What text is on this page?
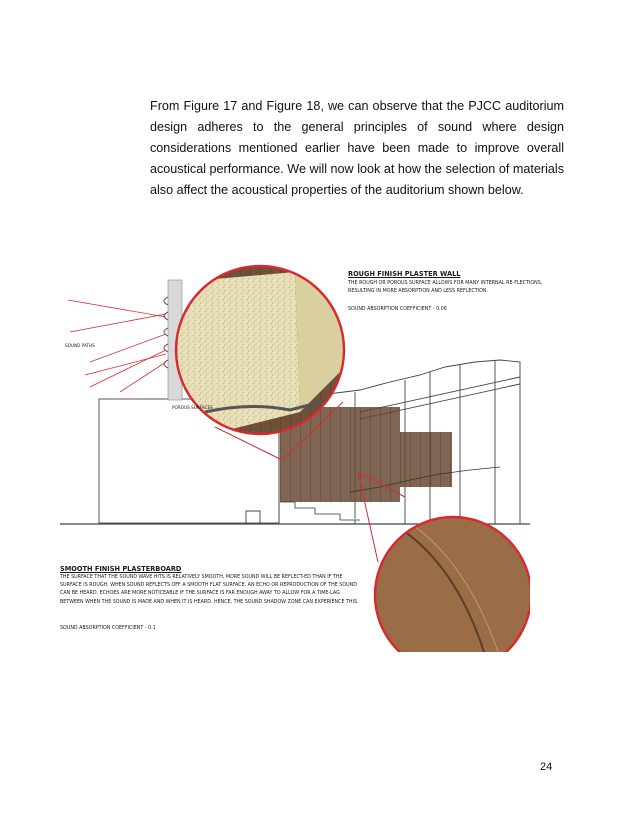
From Figure 17 and Figure 18, we can observe that the PJCC auditorium design adheres to the general principles of sound where design considerations mentioned earlier have been made to improve overall acoustical performance. We will now look at how the selection of materials also affect the acoustical properties of the auditorium shown below.

ROUGH FINISH PLASTER WALL
THE ROUGH OR POROUS SURFACE ALLOWS FOR MANY INTERNAL RE-FLECTIONS, RESULTING IN MORE ABSORPTION AND LESS REFLECTION.
SOUND ABSORPTION COEFFICIENT - 0.06
SOUND PATHS
POROUS SURFACES
SMOOTH FINISH PLASTERBOARD
THE SURFACE THAT THE SOUND WAVE HITS IS RELATIVELY SMOOTH, MORE SOUND WILL BE REFLECT-ED THAN IF THE SURFACE IS ROUGH. WHEN SOUND REFLECTS OFF A SMOOTH FLAT SURFACE, AN ECHO OR REPRODUCTION OF THE SOUND CAN BE HEARD. ECHOES ARE MORE NOTICEABLE IF THE SURFACE IS FAR ENOUGH AWAY TO ALLOW FOR A TIME-LAG BETWEEN WHEN THE SOUND IS MADE AND WHEN IT IS HEARD. HENCE, THE SOUND SHADOW ZONE CAN EXPERIENCE THIS.
SOUND ABSORPTION COEFFICIENT - 0.1
24
